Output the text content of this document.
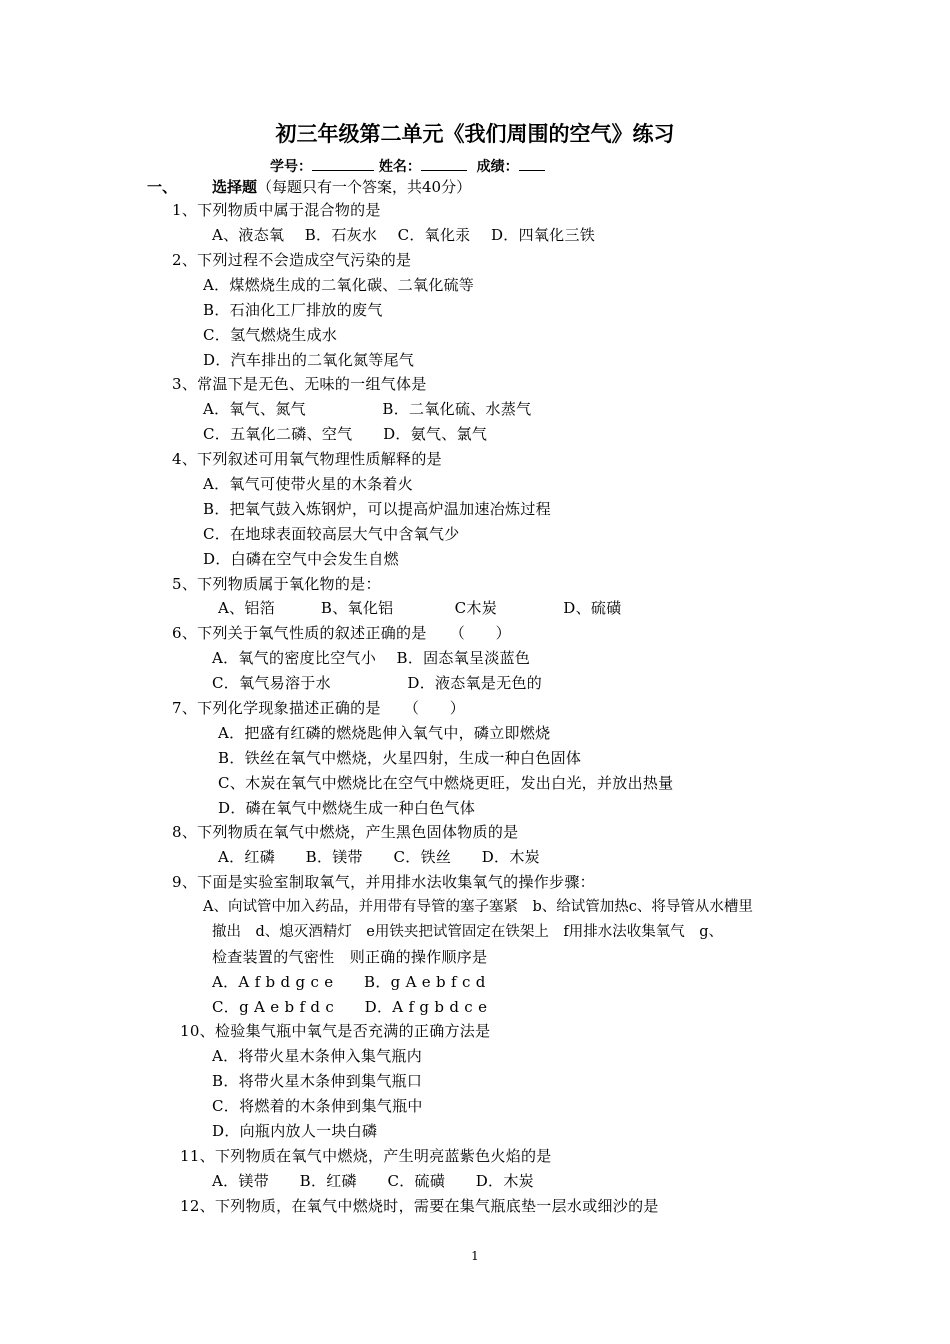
初三年级第二单元《我们周围的空气》练习
学号：	姓名：	成绩：
一、 选择题（每题只有一个答案，共40分）
1、下列物质中属于混合物的是
A、液态氧　 B．石灰水　 C．氧化汞　 D．四氧化三铁
2、下列过程不会造成空气污染的是
A．煤燃烧生成的二氧化碳、二氧化硫等
B．石油化工厂排放的废气
C．氢气燃烧生成水
D．汽车排出的二氧化氮等尾气
3、常温下是无色、无味的一组气体是
A．氧气、氮气　　　　　B．二氧化硫、水蒸气
C．五氧化二磷、空气　　D．氨气、氯气
4、下列叙述可用氧气物理性质解释的是
A．氧气可使带火星的木条着火
B．把氧气鼓入炼钢炉，可以提高炉温加速冶炼过程
C．在地球表面较高层大气中含氧气少
D．白磷在空气中会发生自燃
5、下列物质属于氧化物的是：
A、铝箔　　　B、氧化铝　　　　C木炭　　　　 D、硫磺
6、下列关于氧气性质的叙述正确的是　　（　　）
A．氧气的密度比空气小　 B．固态氧呈淡蓝色
C．氧气易溶于水　　　　　D．液态氧是无色的
7、下列化学现象描述正确的是　　（　　）
A．把盛有红磷的燃烧匙伸入氧气中，磷立即燃烧
B．铁丝在氧气中燃烧，火星四射，生成一种白色固体
C、木炭在氧气中燃烧比在空气中燃烧更旺，发出白光，并放出热量
D．磷在氧气中燃烧生成一种白色气体
8、下列物质在氧气中燃烧，产生黑色固体物质的是
A．红磷　　B．镁带　　C．铁丝　　D．木炭
9、下面是实验室制取氧气，并用排水法收集氧气的操作步骤：
A、向试管中加入药品，并用带有导管的塞子塞紧　b、给试管加热c、将导管从水槽里
撤出　d、熄灭酒精灯　e用铁夹把试管固定在铁架上　f用排水法收集氧气　g、
检查装置的气密性　则正确的操作顺序是
A．A f b d g c e　　B．g A e b f c d
C．g A e b f d c　　D．A f g b d c e
10、检验集气瓶中氧气是否充满的正确方法是
A．将带火星木条伸入集气瓶内
B．将带火星木条伸到集气瓶口
C．将燃着的木条伸到集气瓶中
D．向瓶内放人一块白磷
11、下列物质在氧气中燃烧，产生明亮蓝紫色火焰的是
A．镁带　　B．红磷　　C．硫磺　　D．木炭
12、下列物质，在氧气中燃烧时，需要在集气瓶底垫一层水或细沙的是
1
